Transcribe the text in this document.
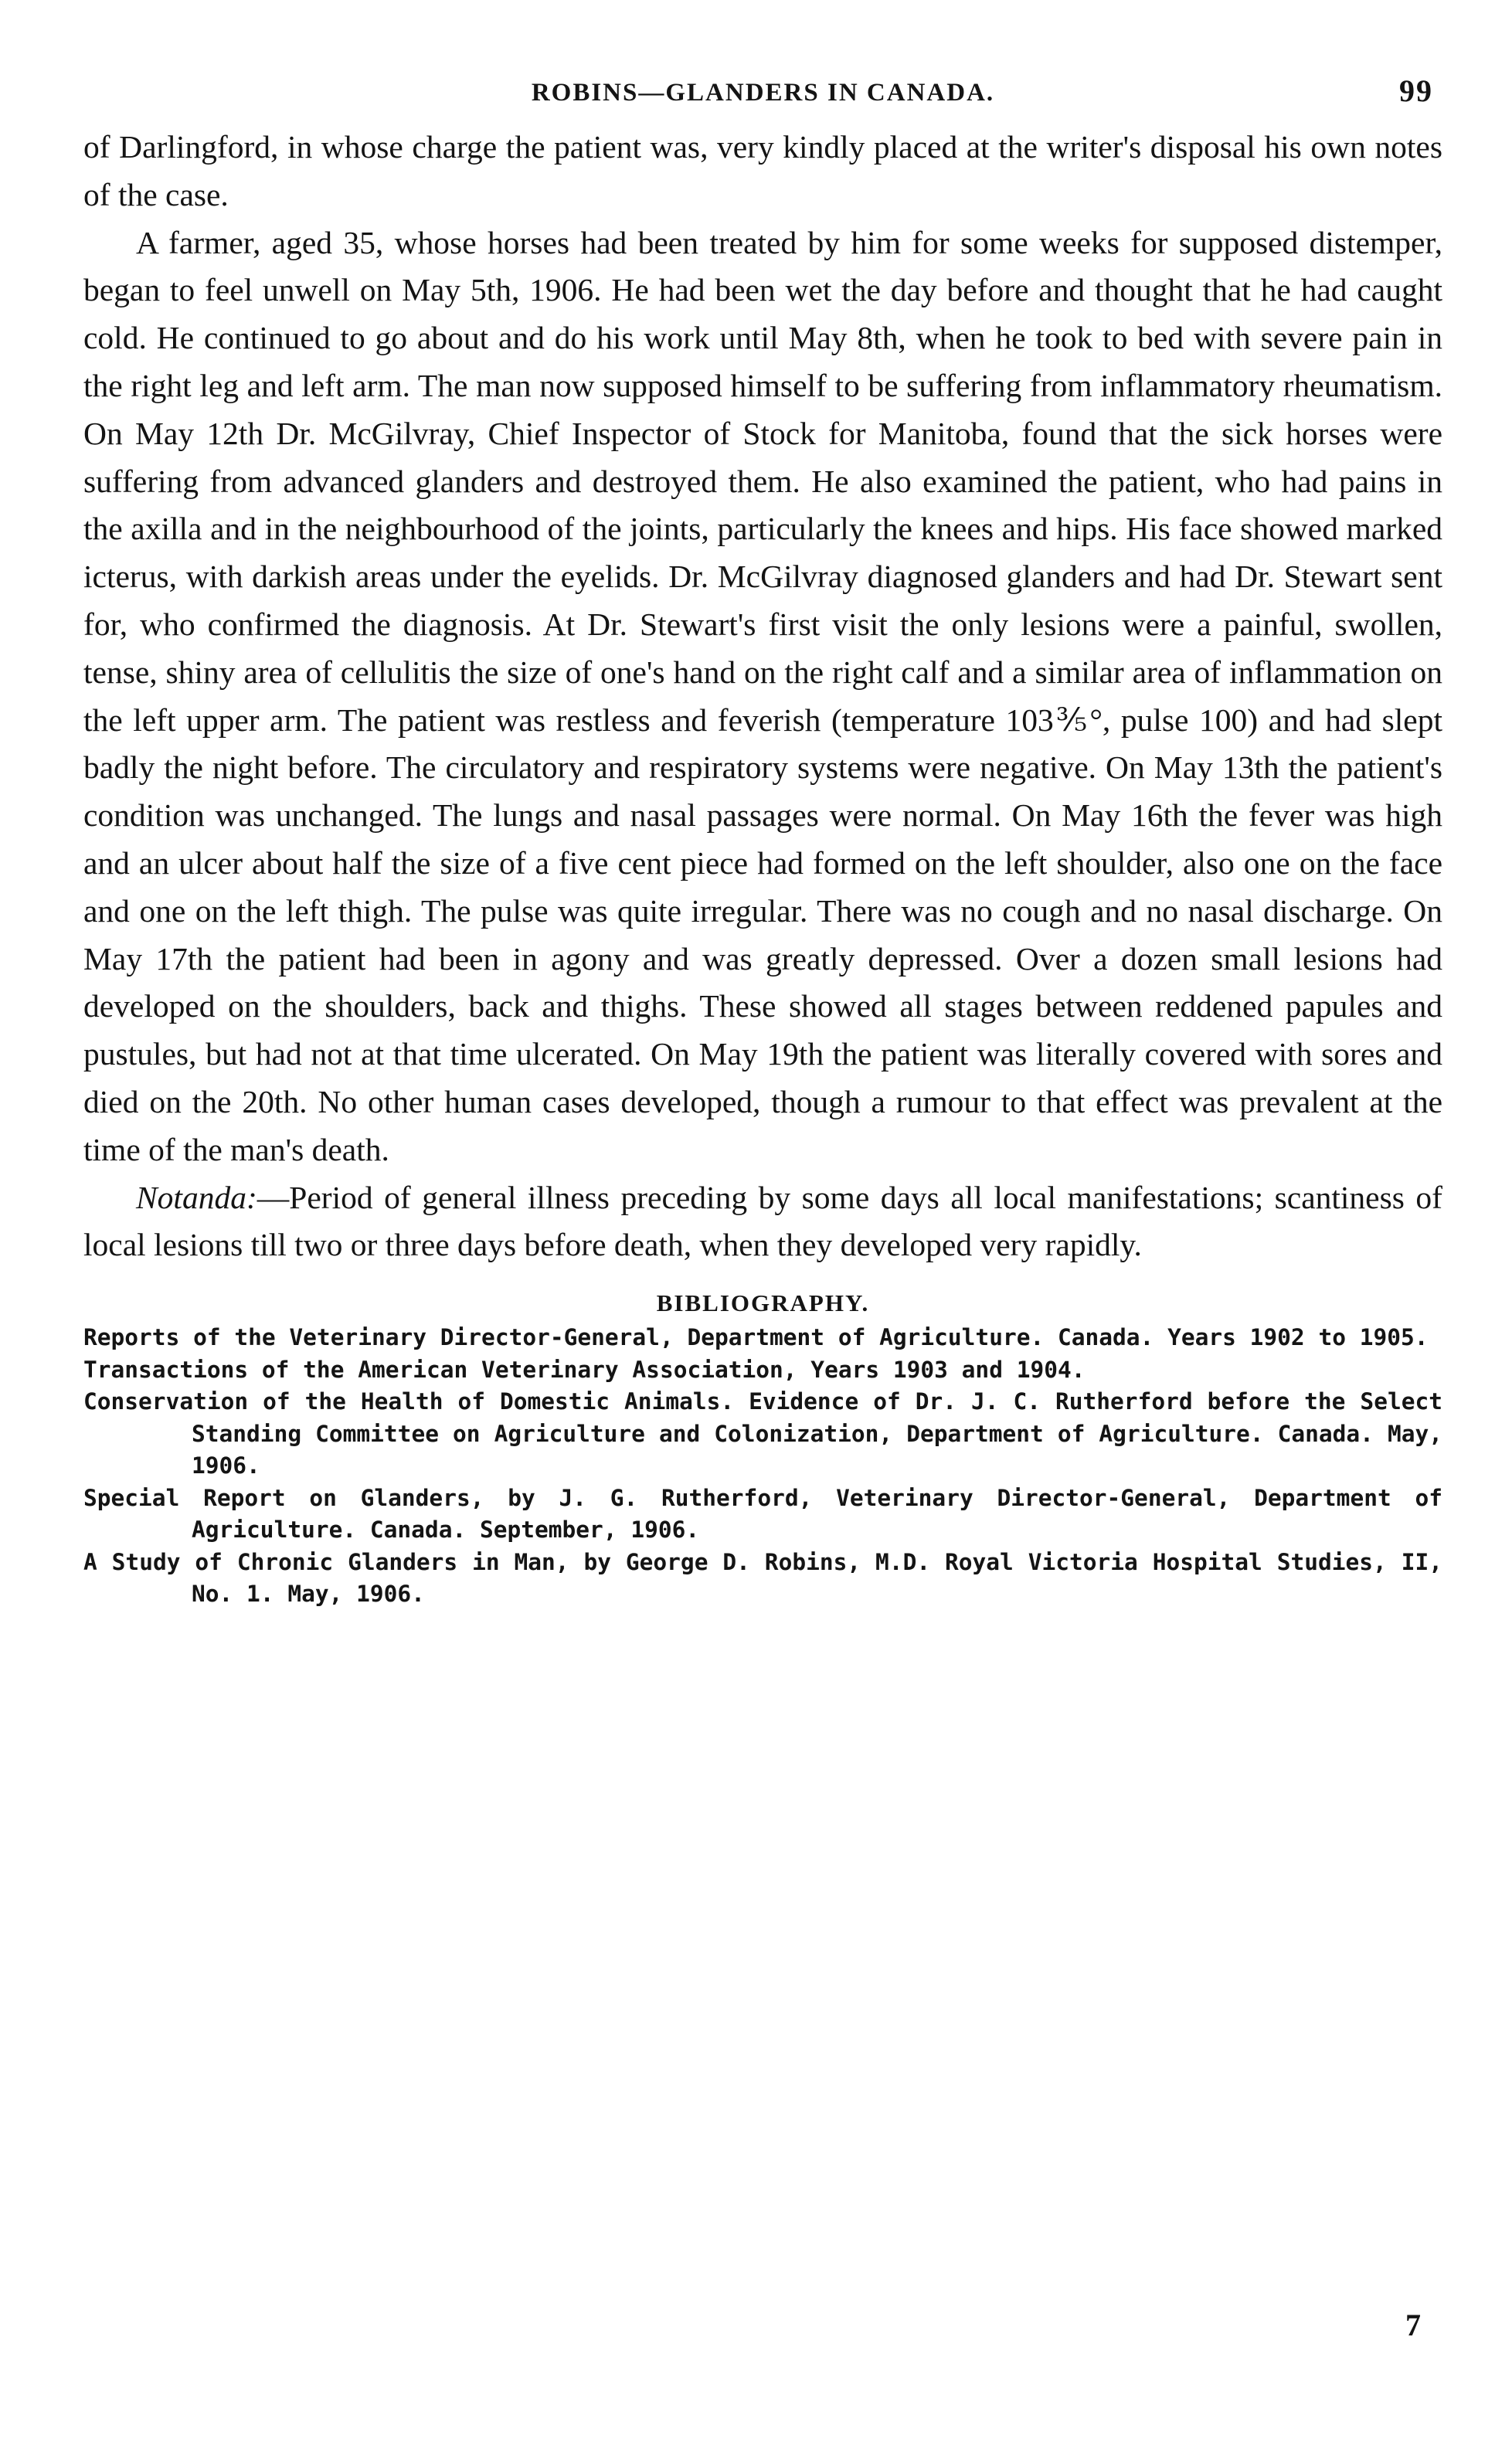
ROBINS—GLANDERS IN CANADA.	99

of Darlingford, in whose charge the patient was, very kindly placed at the writer's disposal his own notes of the case.

A farmer, aged 35, whose horses had been treated by him for some weeks for supposed distemper, began to feel unwell on May 5th, 1906. He had been wet the day before and thought that he had caught cold. He continued to go about and do his work until May 8th, when he took to bed with severe pain in the right leg and left arm. The man now supposed himself to be suffering from inflammatory rheumatism. On May 12th Dr. McGilvray, Chief Inspector of Stock for Manitoba, found that the sick horses were suffering from advanced glanders and destroyed them. He also examined the patient, who had pains in the axilla and in the neighbourhood of the joints, particularly the knees and hips. His face showed marked icterus, with darkish areas under the eyelids. Dr. McGilvray diagnosed glanders and had Dr. Stewart sent for, who confirmed the diagnosis. At Dr. Stewart's first visit the only lesions were a painful, swollen, tense, shiny area of cellulitis the size of one's hand on the right calf and a similar area of inflammation on the left upper arm. The patient was restless and feverish (temperature 103⅗°, pulse 100) and had slept badly the night before. The circulatory and respiratory systems were negative. On May 13th the patient's condition was unchanged. The lungs and nasal passages were normal. On May 16th the fever was high and an ulcer about half the size of a five cent piece had formed on the left shoulder, also one on the face and one on the left thigh. The pulse was quite irregular. There was no cough and no nasal discharge. On May 17th the patient had been in agony and was greatly depressed. Over a dozen small lesions had developed on the shoulders, back and thighs. These showed all stages between reddened papules and pustules, but had not at that time ulcerated. On May 19th the patient was literally covered with sores and died on the 20th. No other human cases developed, though a rumour to that effect was prevalent at the time of the man's death.

Notanda:—Period of general illness preceding by some days all local manifestations; scantiness of local lesions till two or three days before death, when they developed very rapidly.

BIBLIOGRAPHY.
Reports of the Veterinary Director-General, Department of Agriculture. Canada. Years 1902 to 1905.
Transactions of the American Veterinary Association, Years 1903 and 1904.
Conservation of the Health of Domestic Animals. Evidence of Dr. J. C. Rutherford before the Select Standing Committee on Agriculture and Colonization, Department of Agriculture. Canada. May, 1906.
Special Report on Glanders, by J. G. Rutherford, Veterinary Director-General, Department of Agriculture. Canada. September, 1906.
A Study of Chronic Glanders in Man, by George D. Robins, M.D. Royal Victoria Hospital Studies, II, No. 1. May, 1906.
7
